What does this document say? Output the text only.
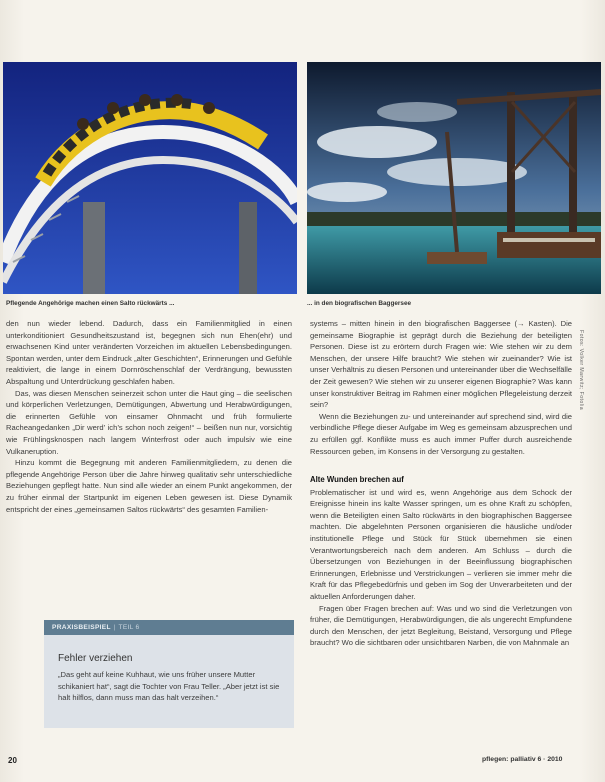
Pflegende Angehörige machen einen Salto rückwärts ...	... in den biografischen Baggersee

den nun wieder lebend. Dadurch, dass ein Familienmitglied in einen unterkonditioniert Gesundheitszustand ist, begegnen sich nun Ehen(ehr) und erwachsenen Kind unter veränderten Vorzeichen im aktuellen Lebensbedingungen. Spontan werden, unter dem Eindruck „alter Geschichten“, Erinnerungen und Gefühle reaktiviert, die lange in einem Dornröschenschlaf der Verdrängung, bewussten Abspaltung und Unterdrückung geschlafen haben.

Das, was diesen Menschen seinerzeit schon unter die Haut ging – die seelischen und körperlichen Verletzungen, Demütigungen, Abwertung und Herabwürdigungen, die erinnerten Gefühle von einsamer Ohnmacht und früh formulierte Racheangedanken „Dir werd’ ich’s schon noch zeigen!“ – beißen nun nur, vorsichtig wie Frühlingsknospen nach langem Winterfrost oder auch impulsiv wie eine Vulkaneruption.

Hinzu kommt die Begegnung mit anderen Familienmitgliedern, zu denen die pflegende Angehörige Person über die Jahre hinweg qualitativ sehr unterschiedliche Beziehungen gepflegt hatte. Nun sind alle wieder an einem Punkt angekommen, der zu früher einmal der Startpunkt im eigenen Leben gewesen ist. Diese Dynamik entspricht der eines „gemeinsamen Saltos rückwärts“ des gesamten Familien-

systems – mitten hinein in den biografischen Baggersee (→ Kasten). Die gemeinsame Biographie ist geprägt durch die Beziehung der beteiligten Personen. Diese ist zu erörtern durch Fragen wie: Wie stehen wir zu dem Menschen, der unsere Hilfe braucht? Wie stehen wir zueinander? Wie ist unser Verhältnis zu diesen Personen und untereinander über die Wechselfälle der Zeit gewesen? Wie stehen wir zu unserer eigenen Biographie? Was kann unser konstruktiver Beitrag im Rahmen einer möglichen Pflegeleistung derzeit sein?

Wenn die Beziehungen zu- und untereinander auf sprechend sind, wird die verbindliche Pflege dieser Aufgabe im Weg es gemeinsam abzusprechen und zu erfüllen ggf. Konflikte muss es auch immer Puffer durch ausreichende Ressourcen geben, im Konsens in der Versorgung zu gestalten.

Alte Wunden brechen auf

Problematischer ist und wird es, wenn Angehörige aus dem Schock der Ereignisse hinein ins kalte Wasser springen, um es ohne Kraft zu schöpfen, wenn die Beteiligten einen Salto rückwärts in den biographischen Baggersee machten. Die abgelehnten Personen organisieren die häusliche und/oder institutionelle Pflege und Stück für Stück übernehmen sie einen Verantwortungsbereich nach dem anderen. Am Schluss – durch die Übersetzungen von Beziehungen in der Beeinflussung biographischen Erinnerungen, Erlebnisse und Verstrickungen – verlieren sie immer mehr die Kraft für das Pflegebedürfnis und geben im Sog der Unverarbeiteten und der aktuellen Anforderungen daher.

Fragen über Fragen brechen auf: Was und wo sind die Verletzungen von früher, die Demütigungen, Herabwürdigungen, die als ungerecht Empfundene durch den Menschen, der jetzt Begleitung, Beistand, Versorgung und Pflege braucht? Wo die sichtbaren oder unsichtbaren Narben, die von Mahnmale an

PRAXISBEISPIEL | TEIL 6
Fehler verziehen
„Das geht auf keine Kuhhaut, wie uns früher unsere Mutter schikaniert hat“, sagt die Tochter von Frau Teller. „Aber jetzt ist sie halt hilflos, dann muss man das halt verzeihen.“
Fotos: Volker Marwitz; Fotolia
20	pflegen: palliativ 6 · 2010
